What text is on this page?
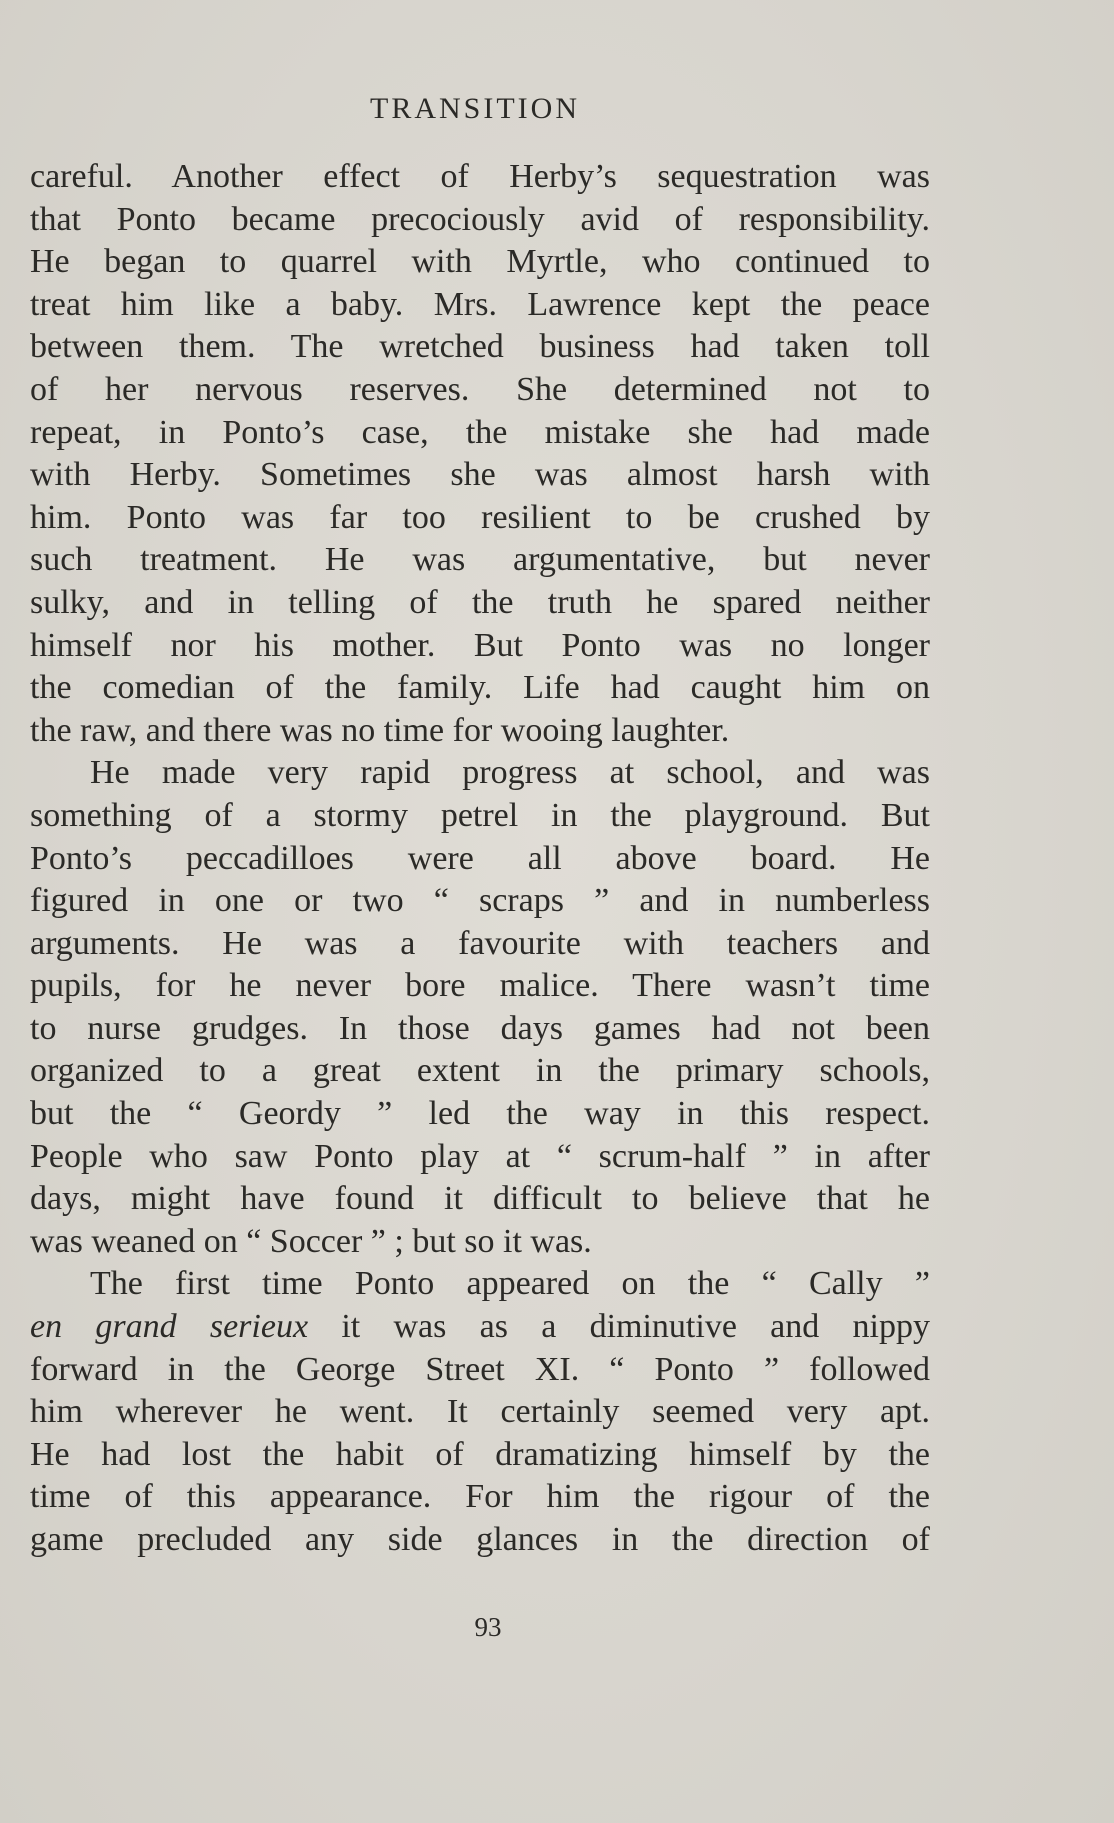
TRANSITION
careful. Another effect of Herby’s sequestration was
that Ponto became precociously avid of responsibility.
He began to quarrel with Myrtle, who continued to
treat him like a baby. Mrs. Lawrence kept the peace
between them. The wretched business had taken toll
of her nervous reserves. She determined not to
repeat, in Ponto’s case, the mistake she had made
with Herby. Sometimes she was almost harsh with
him. Ponto was far too resilient to be crushed by
such treatment. He was argumentative, but never
sulky, and in telling of the truth he spared neither
himself nor his mother. But Ponto was no longer
the comedian of the family. Life had caught him on
the raw, and there was no time for wooing laughter.
He made very rapid progress at school, and was
something of a stormy petrel in the playground. But
Ponto’s peccadilloes were all above board. He
figured in one or two “ scraps ” and in numberless
arguments. He was a favourite with teachers and
pupils, for he never bore malice. There wasn’t time
to nurse grudges. In those days games had not been
organized to a great extent in the primary schools,
but the “ Geordy ” led the way in this respect.
People who saw Ponto play at “ scrum-half ” in after
days, might have found it difficult to believe that he
was weaned on “ Soccer ” ; but so it was.
The first time Ponto appeared on the “ Cally ”
en grand serieux it was as a diminutive and nippy
forward in the George Street XI. “ Ponto ” followed
him wherever he went. It certainly seemed very apt.
He had lost the habit of dramatizing himself by the
time of this appearance. For him the rigour of the
game precluded any side glances in the direction of
93
